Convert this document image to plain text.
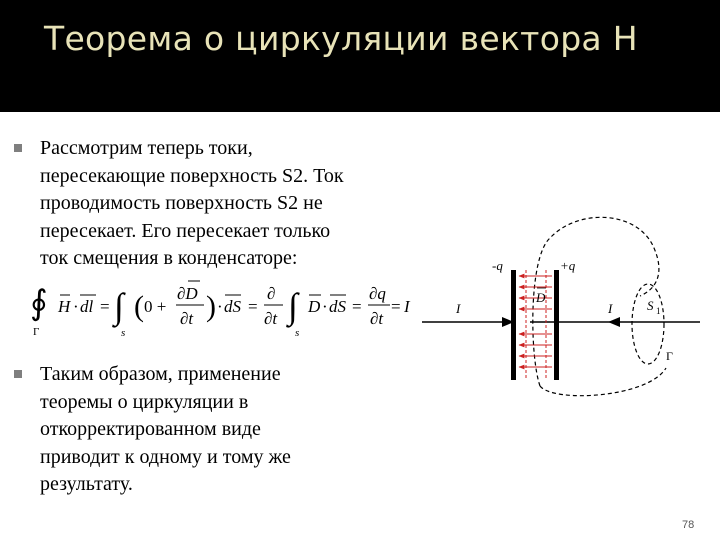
Теорема о циркуляции вектора Н
Рассмотрим теперь токи,
пересекающие поверхность S2. Ток
проводимость поверхность S2 не
пересекает. Его пересекает только
ток смещения в конденсаторе:
∮
Γ
H · dl = ∫
s
( 0 +
∂D
∂t ) · dS =
∂
∂t ∫
s
D · dS =
∂q
∂t
= I
-q	+q
D
I	I	S 1
Γ
Таким образом, применение
теоремы о циркуляции в
откорректированном виде
приводит к одному и тому же
результату.
78
